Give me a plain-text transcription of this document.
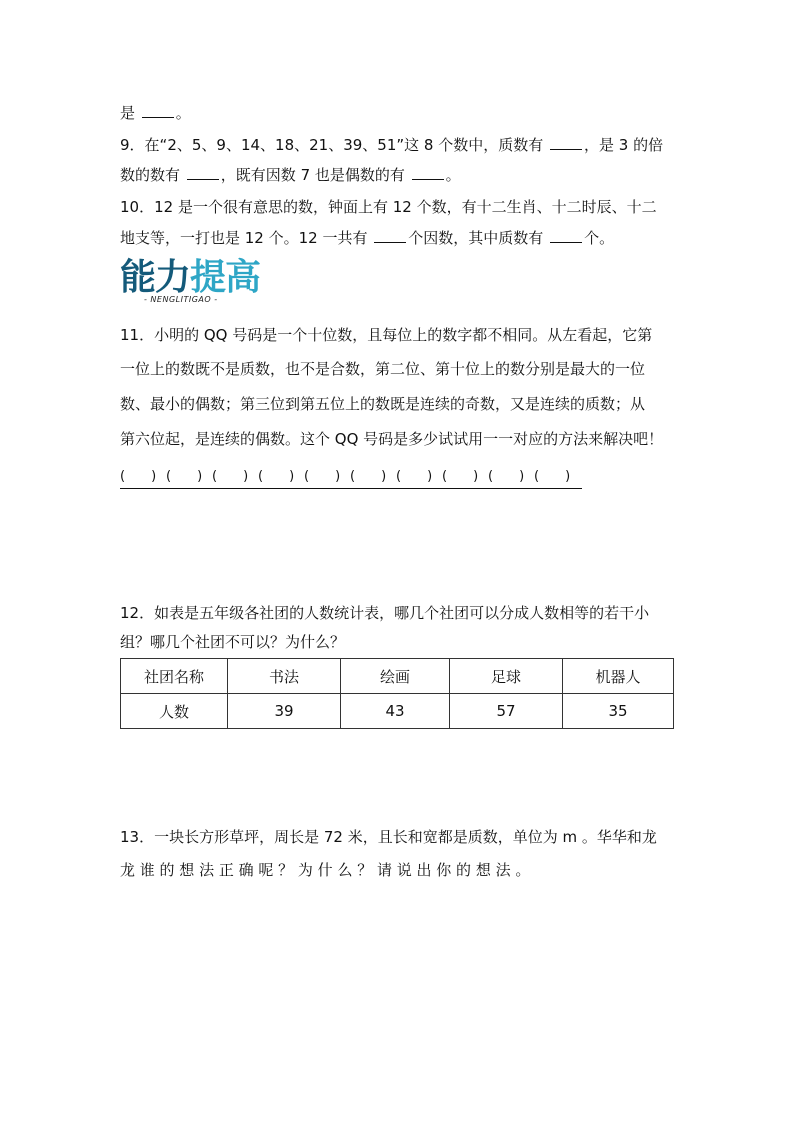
是	。
9．在“2、5、9、14、18、21、39、51”这 8 个数中，质数有	，是 3 的倍
数的数有	，既有因数 7 也是偶数的有	。
10．12 是一个很有意思的数，钟面上有 12 个数，有十二生肖、十二时辰、十二
地支等，一打也是 12 个。12 一共有	个因数，其中质数有	个。
能力提高
- NENGLITIGAO -
11．小明的 QQ 号码是一个十位数，且每位上的数字都不相同。从左看起，它第
一位上的数既不是质数，也不是合数，第二位、第十位上的数分别是最大的一位
数、最小的偶数；第三位到第五位上的数既是连续的奇数，又是连续的质数；从
第六位起，是连续的偶数。这个 QQ 号码是多少试试用一一对应的方法来解决吧！
(　　) (　　) (　　) (　　) (　　) (　　) (　　) (　　) (　　) (　　)
12．如表是五年级各社团的人数统计表，哪几个社团可以分成人数相等的若干小
组？哪几个社团不可以？为什么？
社团名称	书法	绘画	足球	机器人
人数	39	43	57	35
13．一块长方形草坪，周长是 72 米，且长和宽都是质数，单位为 m 。华华和龙
龙 谁 的 想 法 正 确 呢 ？ 为 什 么 ？ 请 说 出 你 的 想 法 。
